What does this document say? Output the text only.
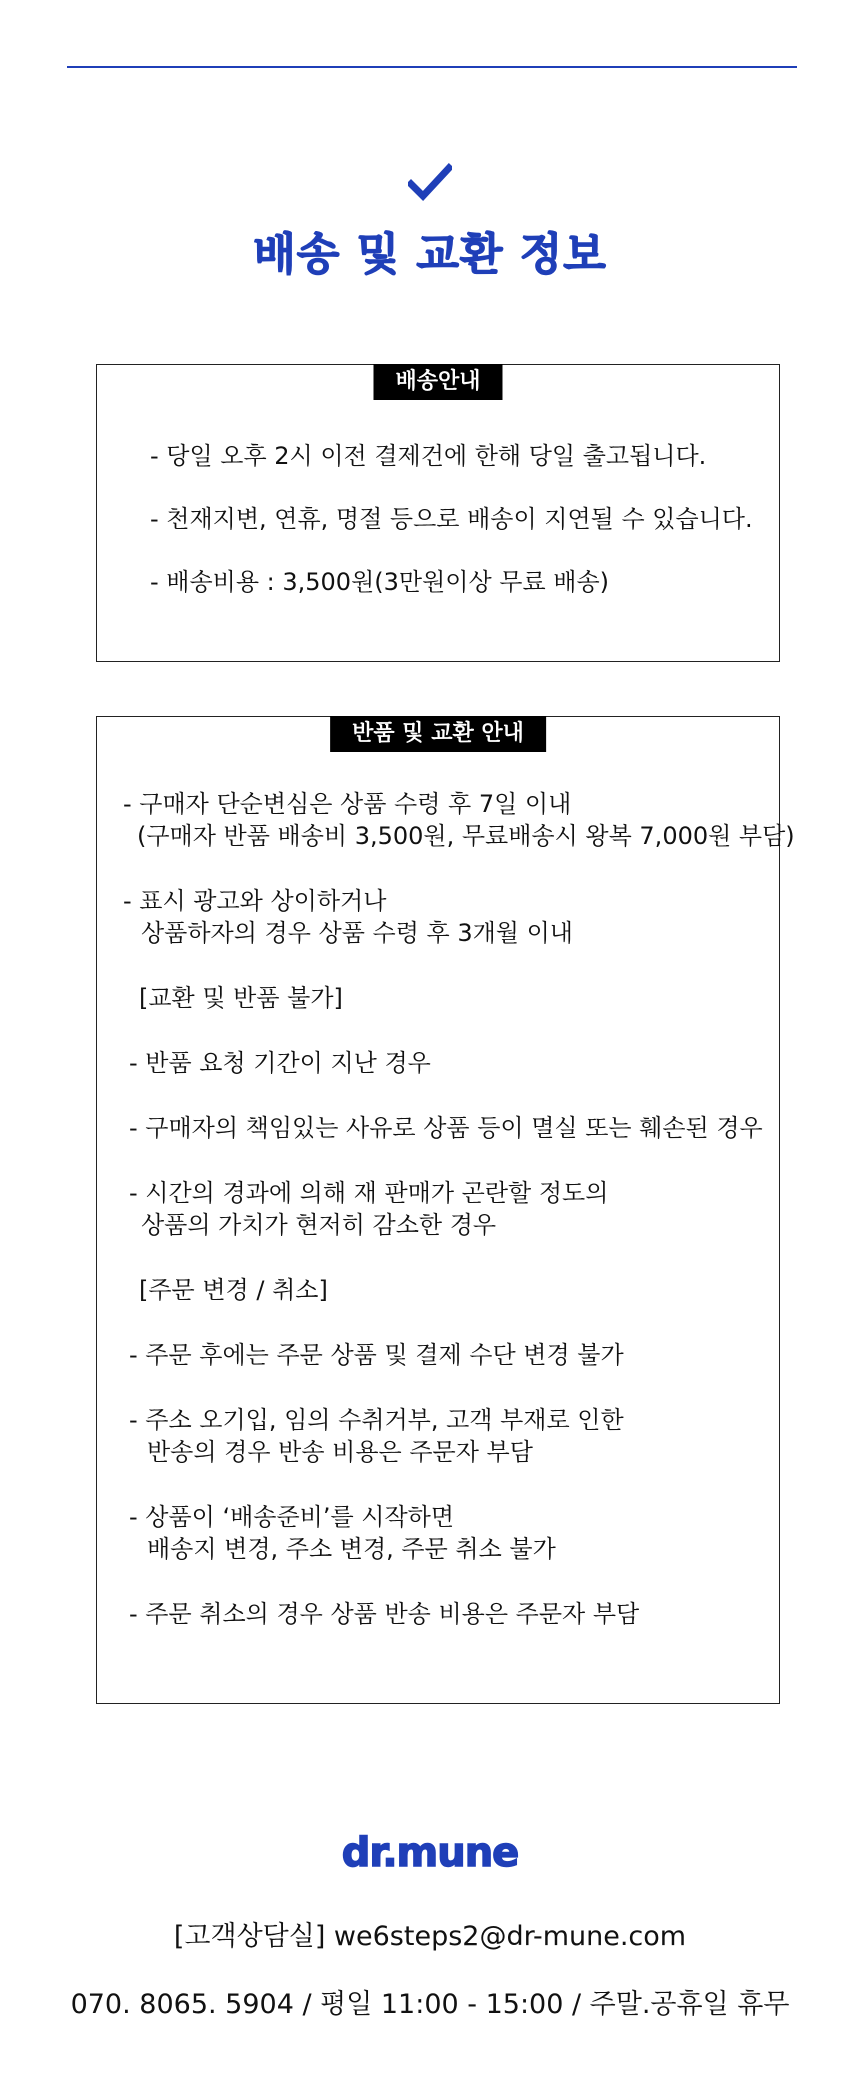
배송 및 교환 정보
배송안내
- 당일 오후 2시 이전 결제건에 한해 당일 출고됩니다.
- 천재지변, 연휴, 명절 등으로 배송이 지연될 수 있습니다.
- 배송비용 : 3,500원(3만원이상 무료 배송)
반품 및 교환 안내
- 구매자 단순변심은 상품 수령 후 7일 이내
(구매자 반품 배송비 3,500원, 무료배송시 왕복 7,000원 부담)
- 표시 광고와 상이하거나
상품하자의 경우 상품 수령 후 3개월 이내
[교환 및 반품 불가]
- 반품 요청 기간이 지난 경우
- 구매자의 책임있는 사유로 상품 등이 멸실 또는 훼손된 경우
- 시간의 경과에 의해 재 판매가 곤란할 정도의
상품의 가치가 현저히 감소한 경우
[주문 변경 / 취소]
- 주문 후에는 주문 상품 및 결제 수단 변경 불가
- 주소 오기입, 임의 수취거부, 고객 부재로 인한
반송의 경우 반송 비용은 주문자 부담
- 상품이 ‘배송준비’를 시작하면
배송지 변경, 주소 변경, 주문 취소 불가
- 주문 취소의 경우 상품 반송 비용은 주문자 부담
dr.mune
[고객상담실] we6steps2@dr-mune.com
070. 8065. 5904 / 평일 11:00 - 15:00 / 주말.공휴일 휴무
